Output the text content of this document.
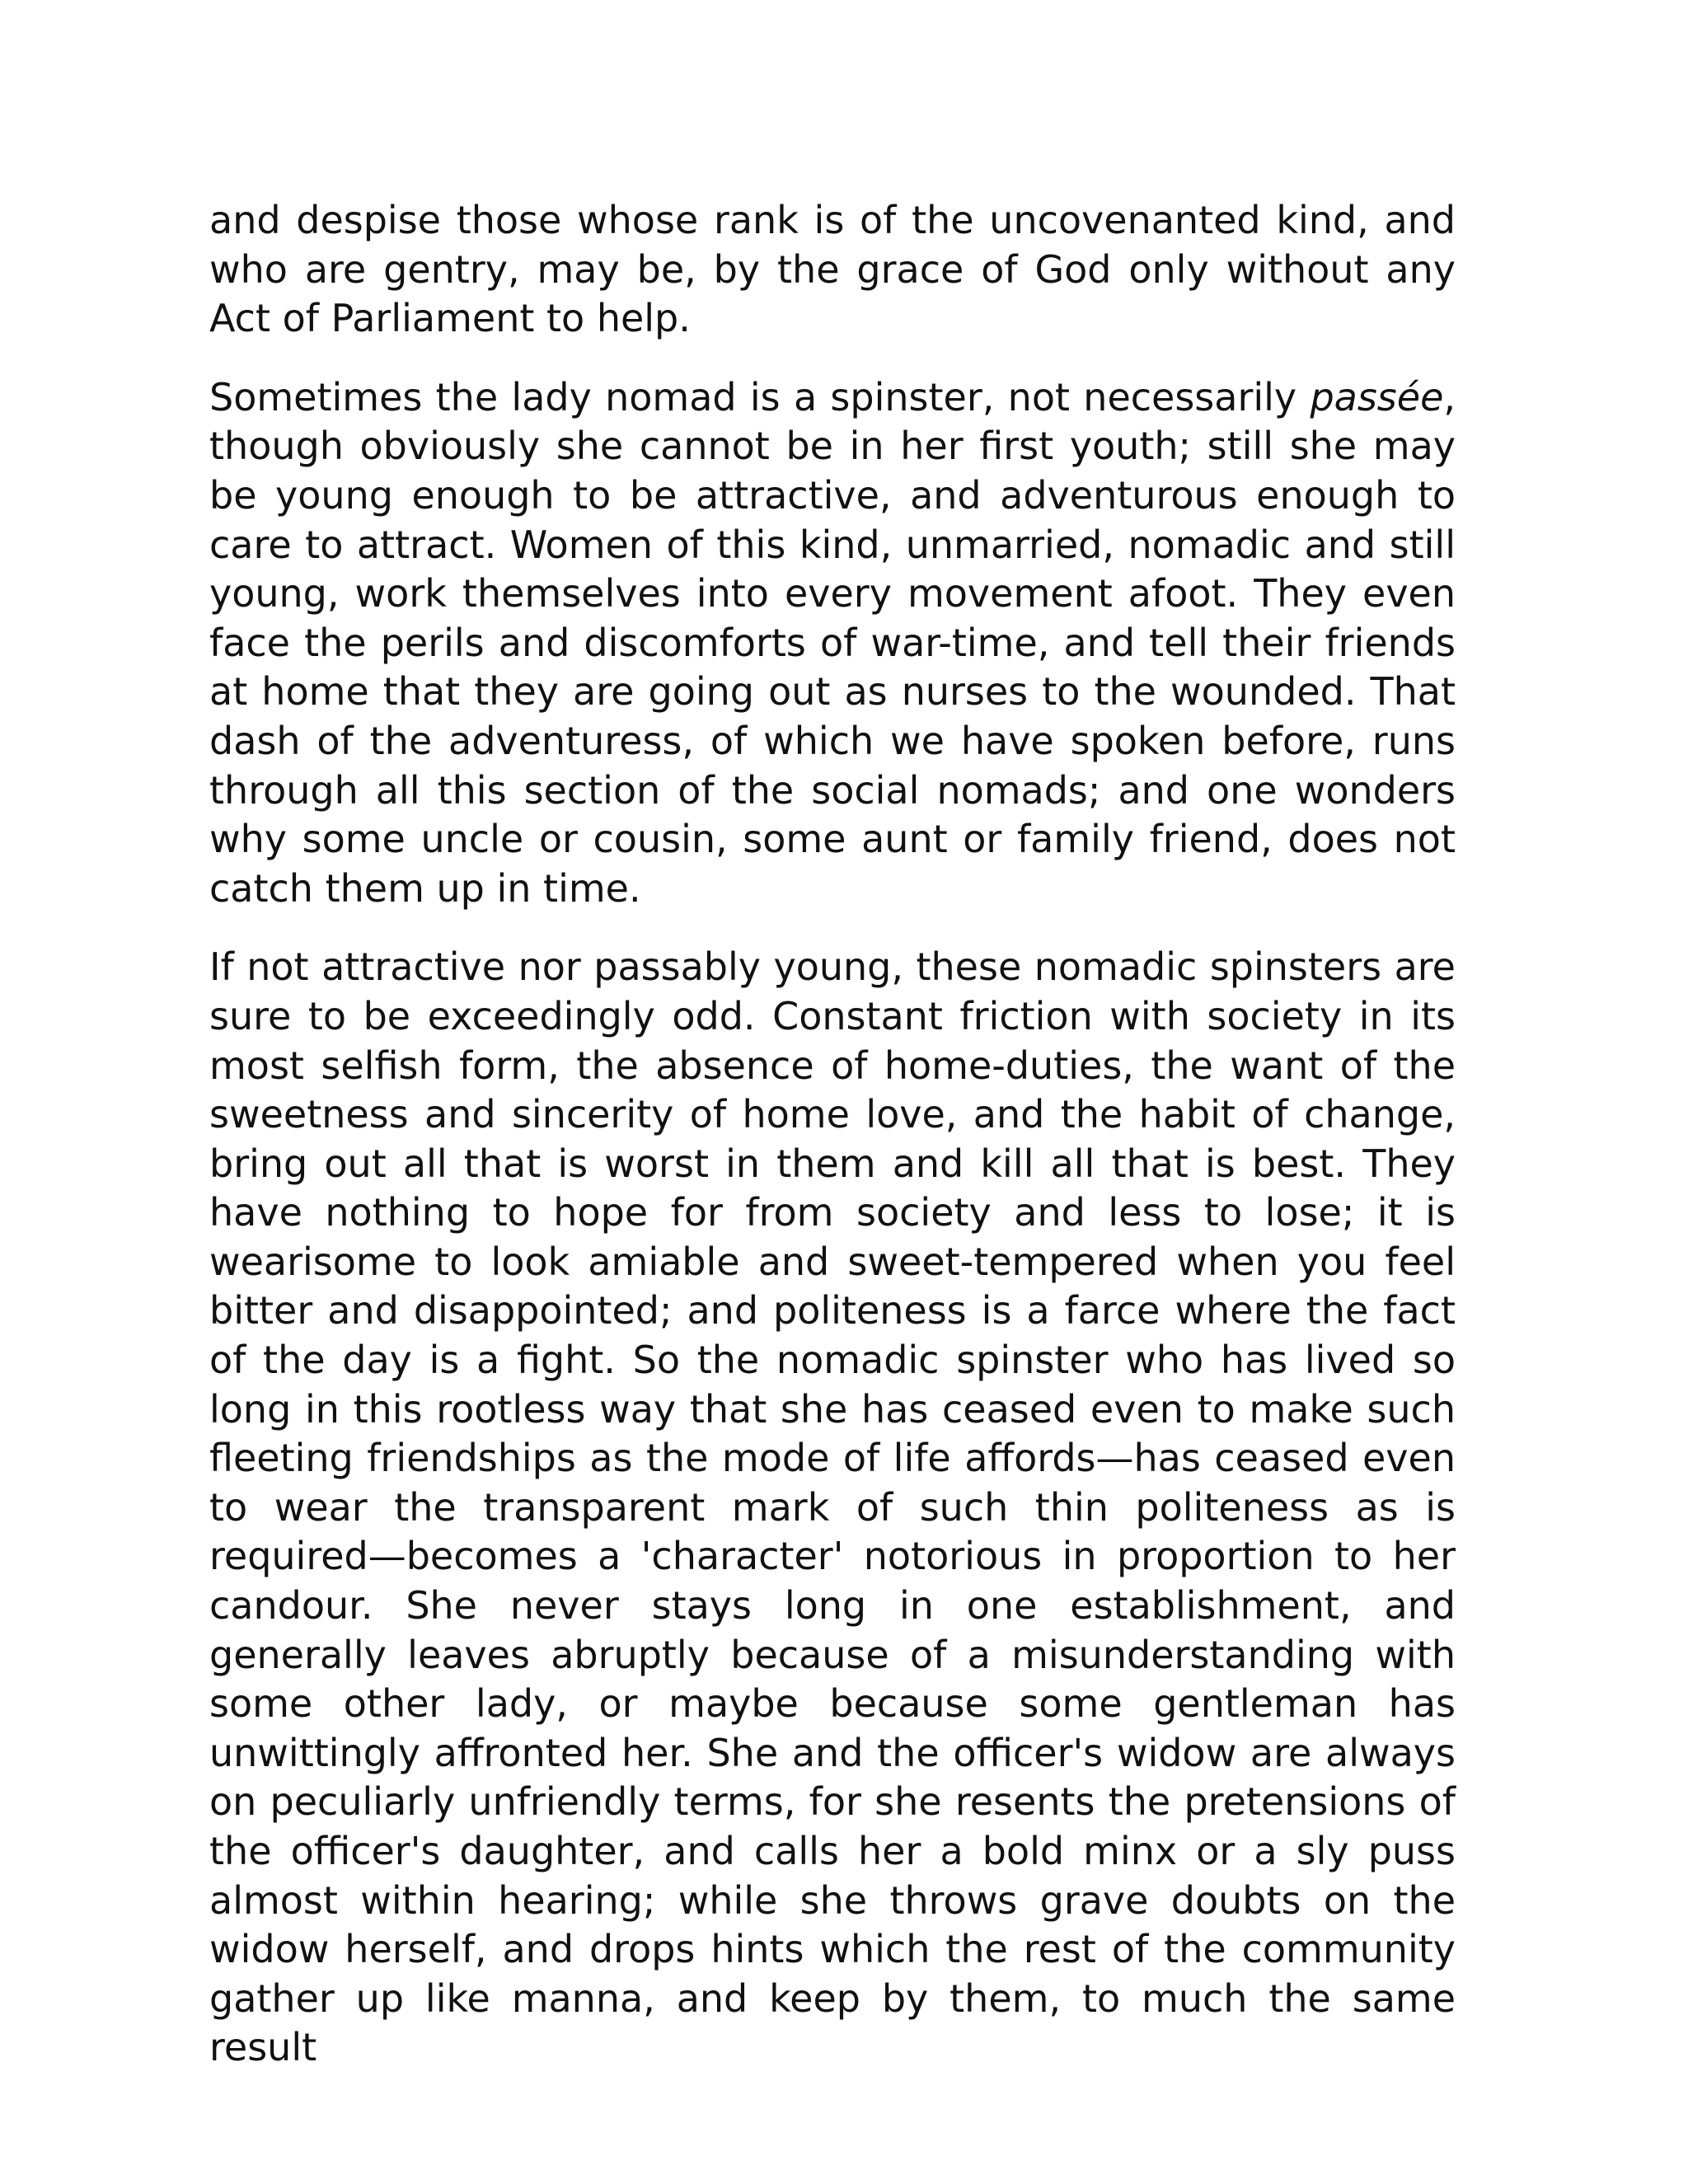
and despise those whose rank is of the uncovenanted kind, and who are gentry, may be, by the grace of God only without any Act of Parliament to help.

Sometimes the lady nomad is a spinster, not necessarily passée, though obviously she cannot be in her first youth; still she may be young enough to be attractive, and adventurous enough to care to attract. Women of this kind, unmarried, nomadic and still young, work themselves into every movement afoot. They even face the perils and discomforts of war-time, and tell their friends at home that they are going out as nurses to the wounded. That dash of the adventuress, of which we have spoken before, runs through all this section of the social nomads; and one wonders why some uncle or cousin, some aunt or family friend, does not catch them up in time.

If not attractive nor passably young, these nomadic spinsters are sure to be exceedingly odd. Constant friction with society in its most selfish form, the absence of home-duties, the want of the sweetness and sincerity of home love, and the habit of change, bring out all that is worst in them and kill all that is best. They have nothing to hope for from society and less to lose; it is wearisome to look amiable and sweet-tempered when you feel bitter and disappointed; and politeness is a farce where the fact of the day is a fight. So the nomadic spinster who has lived so long in this rootless way that she has ceased even to make such fleeting friendships as the mode of life affords—has ceased even to wear the transparent mark of such thin politeness as is required—becomes a 'character' notorious in proportion to her candour. She never stays long in one establishment, and generally leaves abruptly because of a misunderstanding with some other lady, or maybe because some gentleman has unwittingly affronted her. She and the officer's widow are always on peculiarly unfriendly terms, for she resents the pretensions of the officer's daughter, and calls her a bold minx or a sly puss almost within hearing; while she throws grave doubts on the widow herself, and drops hints which the rest of the community gather up like manna, and keep by them, to much the same result
